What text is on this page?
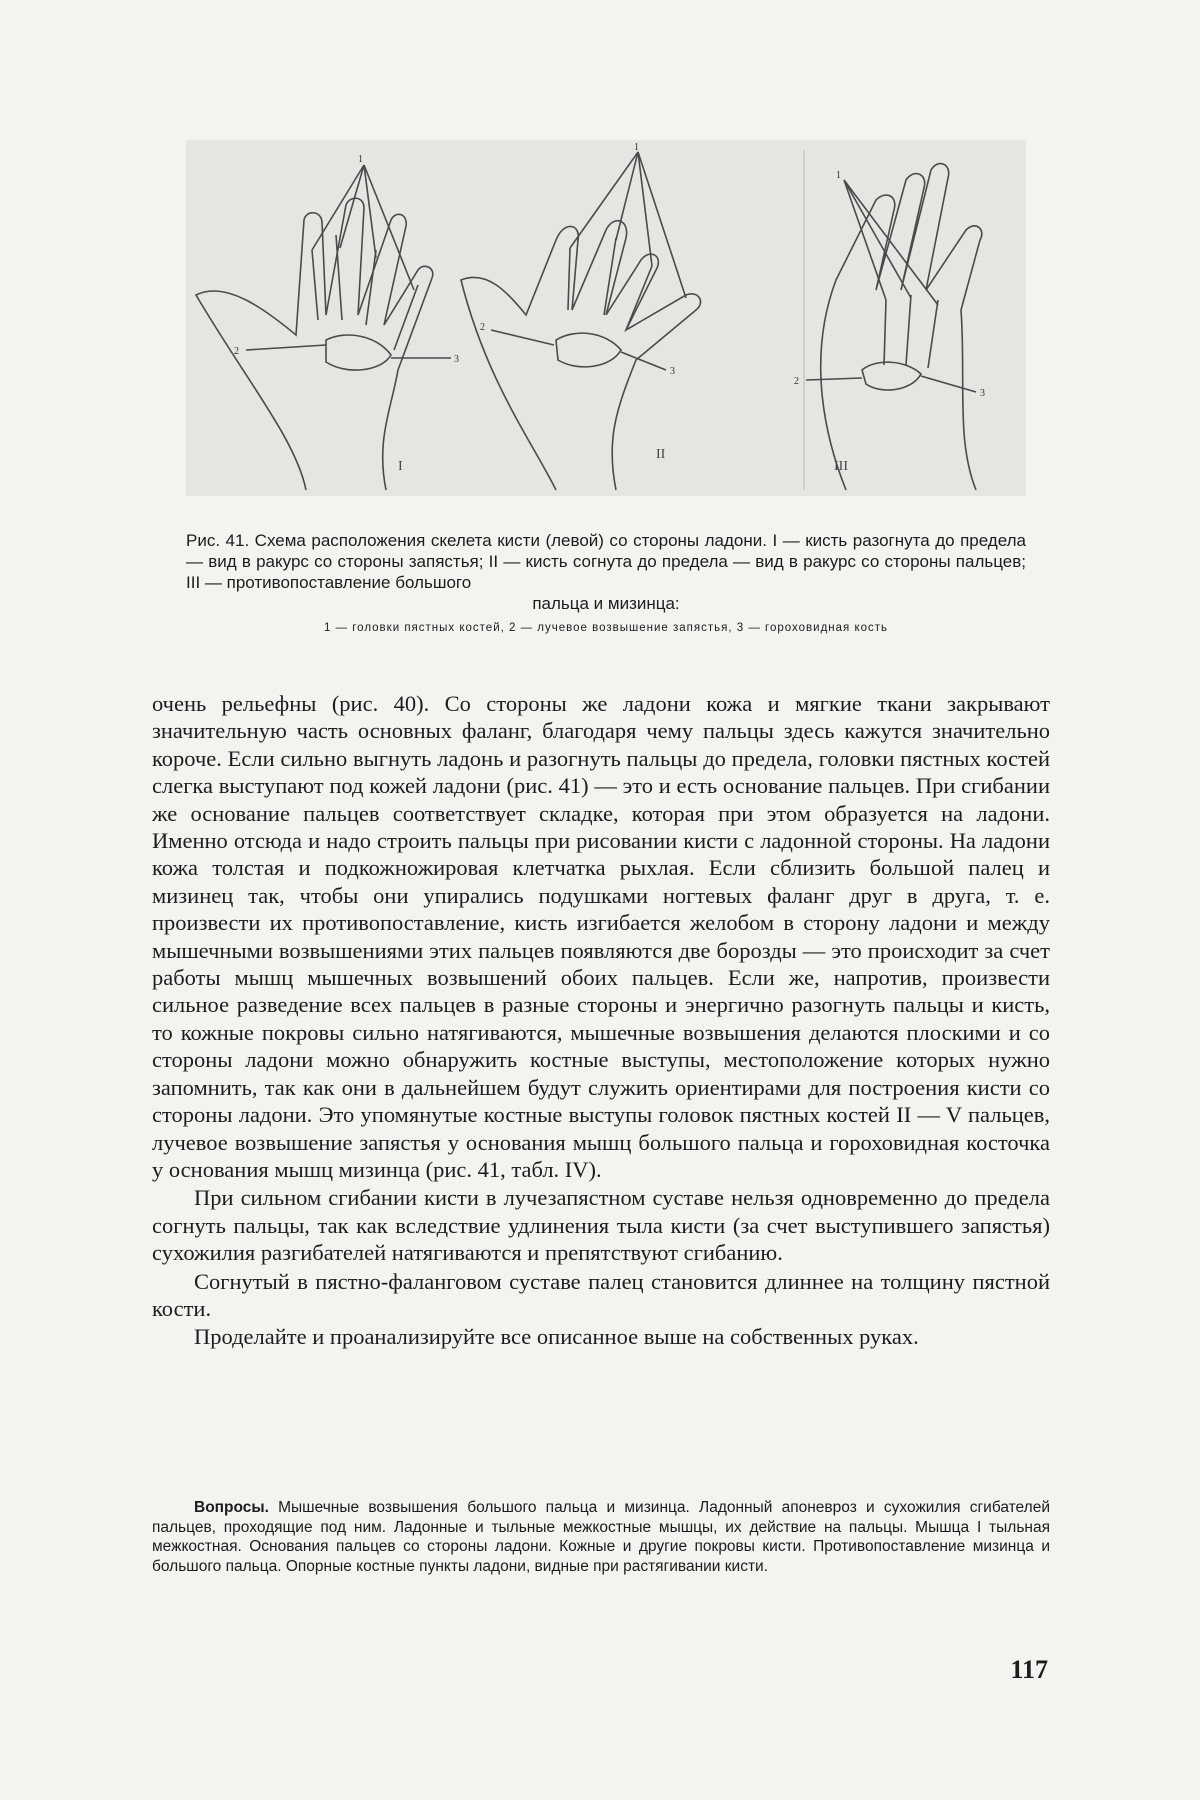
1
2
3
I
1
2
3
II
1
2
3
III
Рис. 41. Схема расположения скелета кисти (левой) со стороны ладони. I — кисть разогнута до предела — вид в ракурс со стороны запястья; II — кисть согнута до предела — вид в ракурс со стороны пальцев; III — противопоставление большого
пальца и мизинца:
1 — головки пястных костей, 2 — лучевое возвышение запястья, 3 — гороховидная кость

очень рельефны (рис. 40). Со стороны же ладони кожа и мягкие ткани закрывают значительную часть основных фаланг, благодаря чему пальцы здесь кажутся значительно короче. Если сильно выгнуть ладонь и разогнуть пальцы до предела, головки пястных костей слегка выступают под кожей ладони (рис. 41) — это и есть основание пальцев. При сгибании же основание пальцев соответствует складке, которая при этом образуется на ладони. Именно отсюда и надо строить пальцы при рисовании кисти с ладонной стороны. На ладони кожа толстая и подкожножировая клетчатка рыхлая. Если сблизить большой палец и мизинец так, чтобы они упирались подушками ногтевых фаланг друг в друга, т. е. произвести их противопоставление, кисть изгибается желобом в сторону ладони и между мышечными возвышениями этих пальцев появляются две борозды — это происходит за счет работы мышц мышечных возвышений обоих пальцев. Если же, напротив, произвести сильное разведение всех пальцев в разные стороны и энергично разогнуть пальцы и кисть, то кожные покровы сильно натягиваются, мышечные возвышения делаются плоскими и со стороны ладони можно обнаружить костные выступы, местоположение которых нужно запомнить, так как они в дальнейшем будут служить ориентирами для построения кисти со стороны ладони. Это упомянутые костные выступы головок пястных костей II — V пальцев, лучевое возвышение запястья у основания мышц большого пальца и гороховидная косточка у основания мышц мизинца (рис. 41, табл. IV).

При сильном сгибании кисти в лучезапястном суставе нельзя одновременно до предела согнуть пальцы, так как вследствие удлинения тыла кисти (за счет выступившего запястья) сухожилия разгибателей натягиваются и препятствуют сгибанию.

Согнутый в пястно-фаланговом суставе палец становится длиннее на толщину пястной кости.

Проделайте и проанализируйте все описанное выше на собственных руках.

Вопросы. Мышечные возвышения большого пальца и мизинца. Ладонный апоневроз и сухожилия сгибателей пальцев, проходящие под ним. Ладонные и тыльные межкостные мышцы, их действие на пальцы. Мышца I тыльная межкостная. Основания пальцев со стороны ладони. Кожные и другие покровы кисти. Противопоставление мизинца и большого пальца. Опорные костные пункты ладони, видные при растягивании кисти.
117
